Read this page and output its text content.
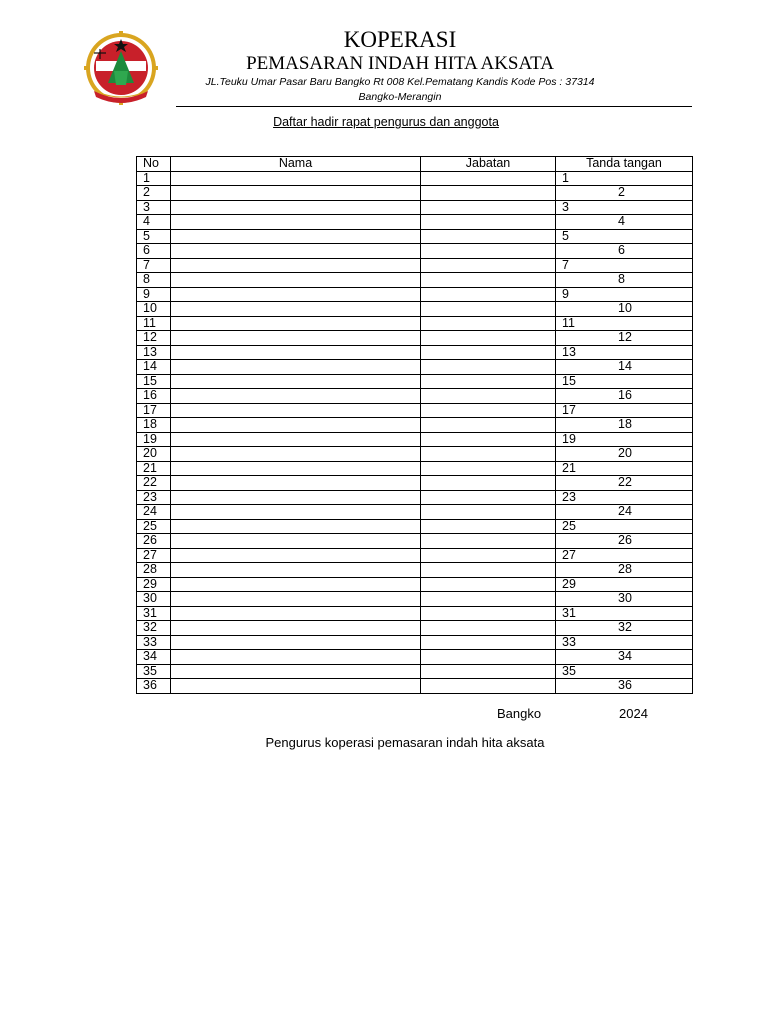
KOPERASI
PEMASARAN INDAH HITA AKSATA
JL.Teuku Umar Pasar Baru Bangko Rt 008 Kel.Pematang Kandis Kode Pos : 37314
Bangko-Merangin
Daftar hadir rapat pengurus dan anggota
No	Nama	Jabatan	Tanda tangan
1			1
2			2
3			3
4			4
5			5
6			6
7			7
8			8
9			9
10			10
11			11
12			12
13			13
14			14
15			15
16			16
17			17
18			18
19			19
20			20
21			21
22			22
23			23
24			24
25			25
26			26
27			27
28			28
29			29
30			30
31			31
32			32
33			33
34			34
35			35
36			36
Bangko	2024
Pengurus koperasi pemasaran indah hita aksata
